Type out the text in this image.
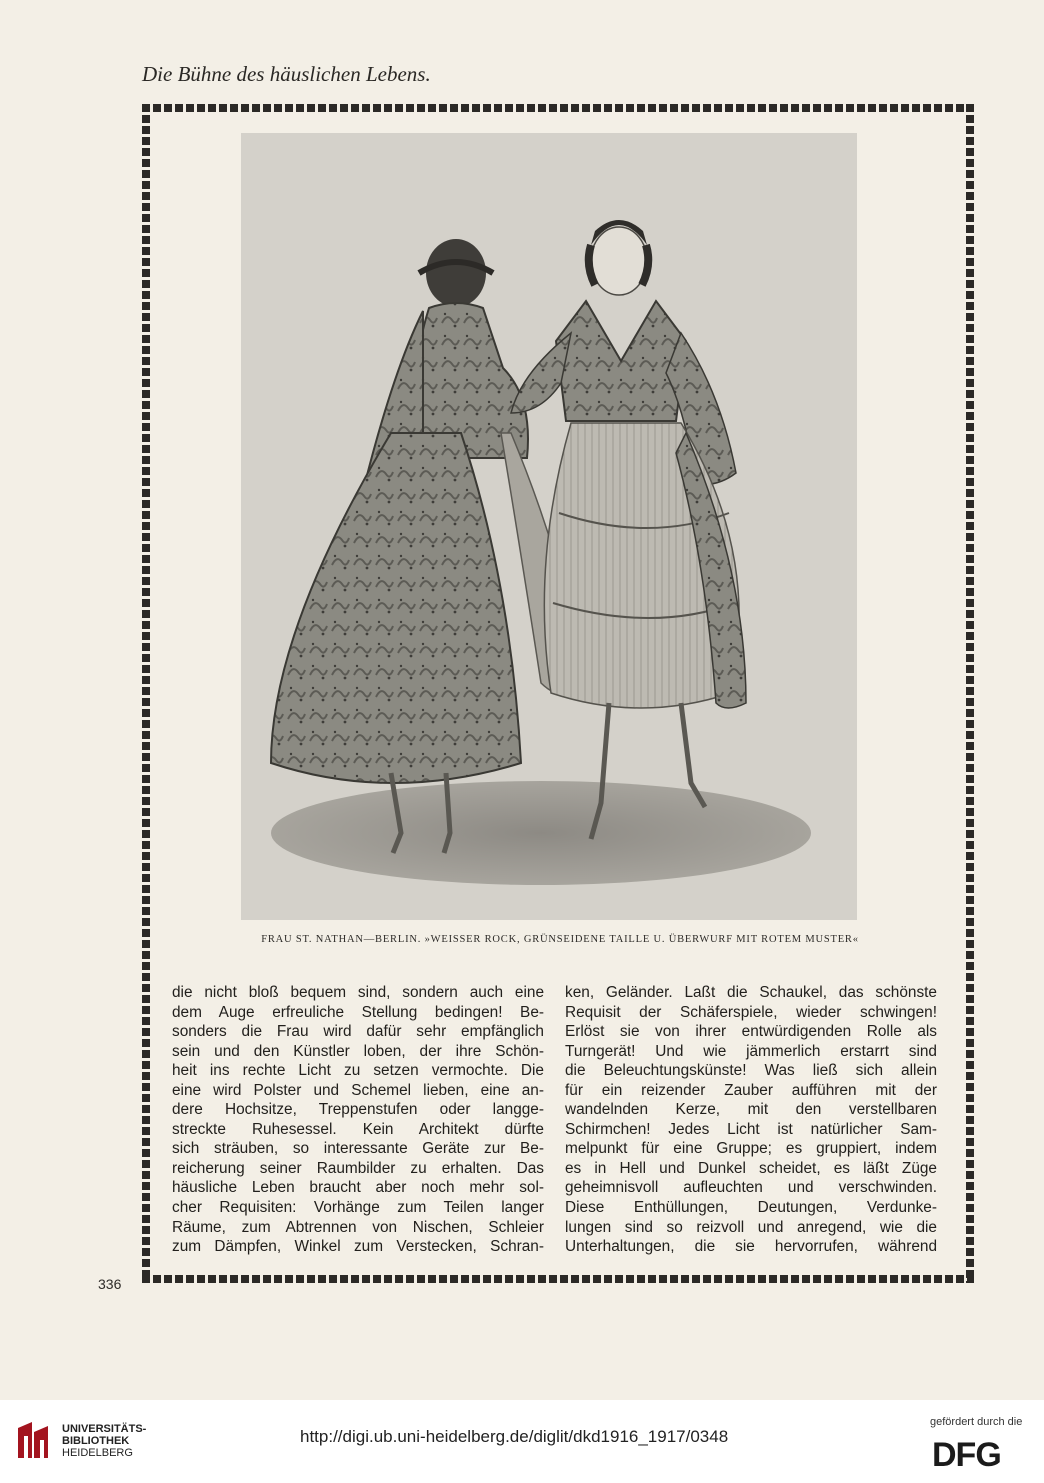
Die Bühne des häuslichen Lebens.

FRAU ST. NATHAN—BERLIN. »WEISSER ROCK, GRÜNSEIDENE TAILLE U. ÜBERWURF MIT ROTEM MUSTER«

die nicht bloß bequem sind, sondern auch eine
dem Auge erfreuliche Stellung bedingen! Be-
sonders die Frau wird dafür sehr empfänglich
sein und den Künstler loben, der ihre Schön-
heit ins rechte Licht zu setzen vermochte. Die
eine wird Polster und Schemel lieben, eine an-
dere Hochsitze, Treppenstufen oder langge-
streckte Ruhesessel. Kein Architekt dürfte
sich sträuben, so interessante Geräte zur Be-
reicherung seiner Raumbilder zu erhalten. Das
häusliche Leben braucht aber noch mehr sol-
cher Requisiten: Vorhänge zum Teilen langer
Räume, zum Abtrennen von Nischen, Schleier
zum Dämpfen, Winkel zum Verstecken, Schran-
ken, Geländer. Laßt die Schaukel, das schönste
Requisit der Schäferspiele, wieder schwingen!
Erlöst sie von ihrer entwürdigenden Rolle als
Turngerät! Und wie jämmerlich erstarrt sind
die Beleuchtungskünste! Was ließ sich allein
für ein reizender Zauber aufführen mit der
wandelnden Kerze, mit den verstellbaren
Schirmchen! Jedes Licht ist natürlicher Sam-
melpunkt für eine Gruppe; es gruppiert, indem
es in Hell und Dunkel scheidet, es läßt Züge
geheimnisvoll aufleuchten und verschwinden.
Diese Enthüllungen, Deutungen, Verdunke-
lungen sind so reizvoll und anregend, wie die
Unterhaltungen, die sie hervorrufen, während

336

UNIVERSITÄTS-
BIBLIOTHEK
HEIDELBERG

http://digi.ub.uni-heidelberg.de/diglit/dkd1916_1917/0348

gefördert durch die

DFG
